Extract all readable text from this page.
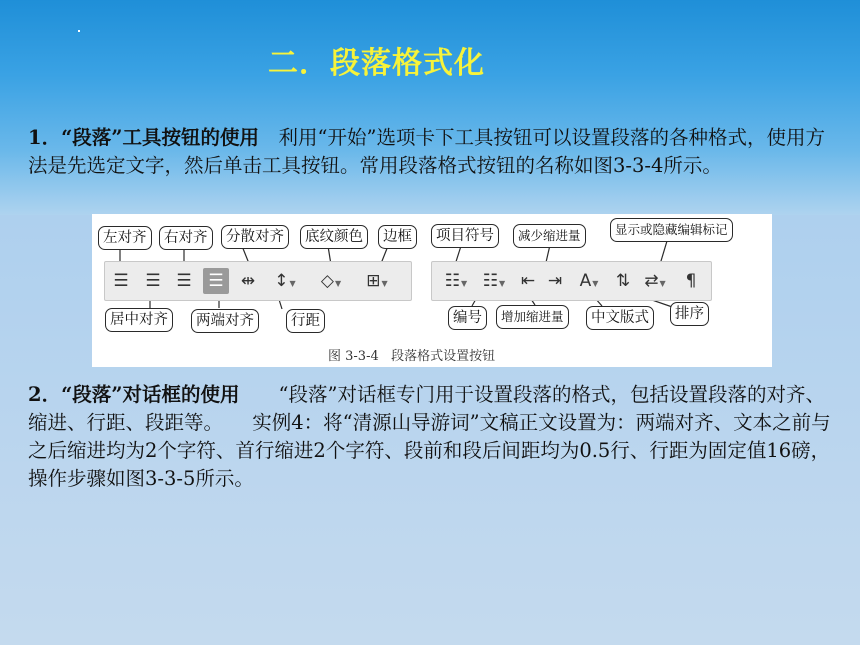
二．段落格式化
1．“段落”工具按钮的使用　利用“开始”选项卡下工具按钮可以设置段落的各种格式，使用方法是先选定文字，然后单击工具按钮。常用段落格式按钮的名称如图3-3-4所示。
☰ ☰ ☰ ☰	⇹	↕▼	◇▼	⊞▼	☷▼ ☷▼ ⇤ ⇥	A▼	⇅ ⇄▼	¶
左对齐	右对齐	分散对齐	底纹颜色	边框	项目符号	减少缩进量	显示或隐藏编辑标记
居中对齐	两端对齐	行距	编号	增加缩进量	中文版式	排序
图 3-3-4   段落格式设置按钮
2．“段落”对话框的使用　　“段落”对话框专门用于设置段落的格式，包括设置段落的对齐、缩进、行距、段距等。　　实例4：将“清源山导游词”文稿正文设置为：两端对齐、文本之前与之后缩进均为2个字符、首行缩进2个字符、段前和段后间距均为0.5行、行距为固定值16磅，操作步骤如图3-3-5所示。
